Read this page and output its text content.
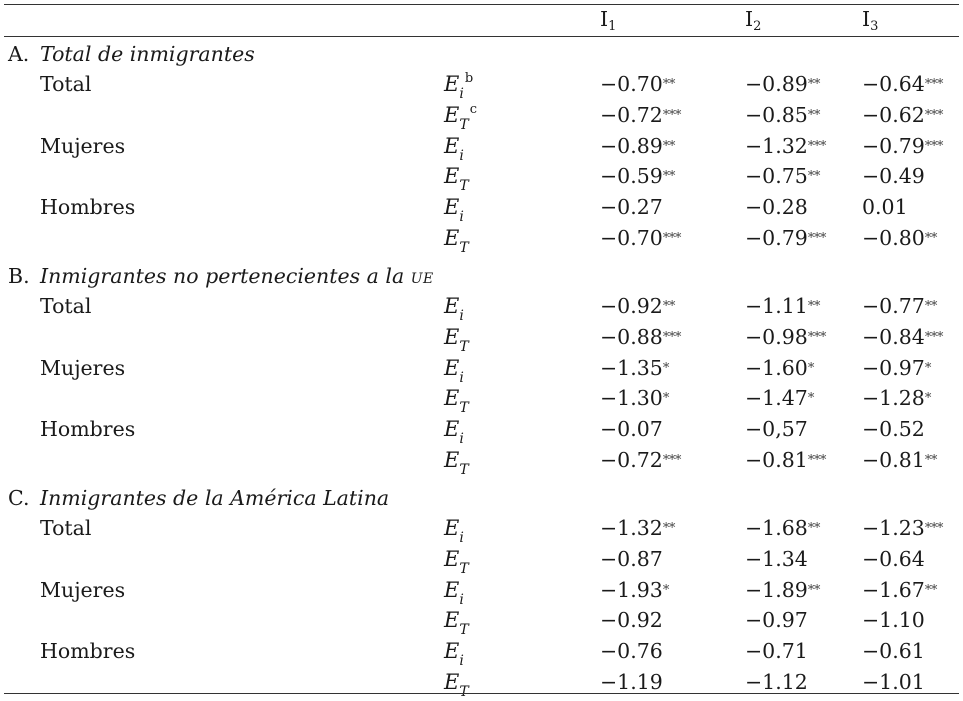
I1	I2	I3
A. Total de inmigrantes
Total	$E_i^b$	−0.70**	−0.89** −0.64***
$E_T^c$	−0.72***	−0.85** −0.62***
Mujeres	$E_i$	−0.89**	−1.32*** −0.79***
$E_T$	−0.59**	−0.75** −0.49
Hombres	$E_i$	−0.27	−0.28	0.01
$E_T$	−0.70***	−0.79*** −0.80**
B. Inmigrantes no pertenecientes a la UE
Total	$E_i$	−0.92**	−1.11** −0.77**
$E_T$	−0.88***	−0.98*** −0.84***
Mujeres	$E_i$	−1.35*	−1.60* −0.97*
$E_T$	−1.30*	−1.47* −1.28*
Hombres	$E_i$	−0.07	−0,57	−0.52
$E_T$	−0.72***	−0.81*** −0.81**
C. Inmigrantes de la América Latina
Total	$E_i$	−1.32**	−1.68** −1.23***
$E_T$	−0.87	−1.34	−0.64
Mujeres	$E_i$	−1.93*	−1.89** −1.67**
$E_T$	−0.92	−0.97	−1.10
Hombres	$E_i$	−0.76	−0.71	−0.61
$E_T$	−1.19	−1.12	−1.01
